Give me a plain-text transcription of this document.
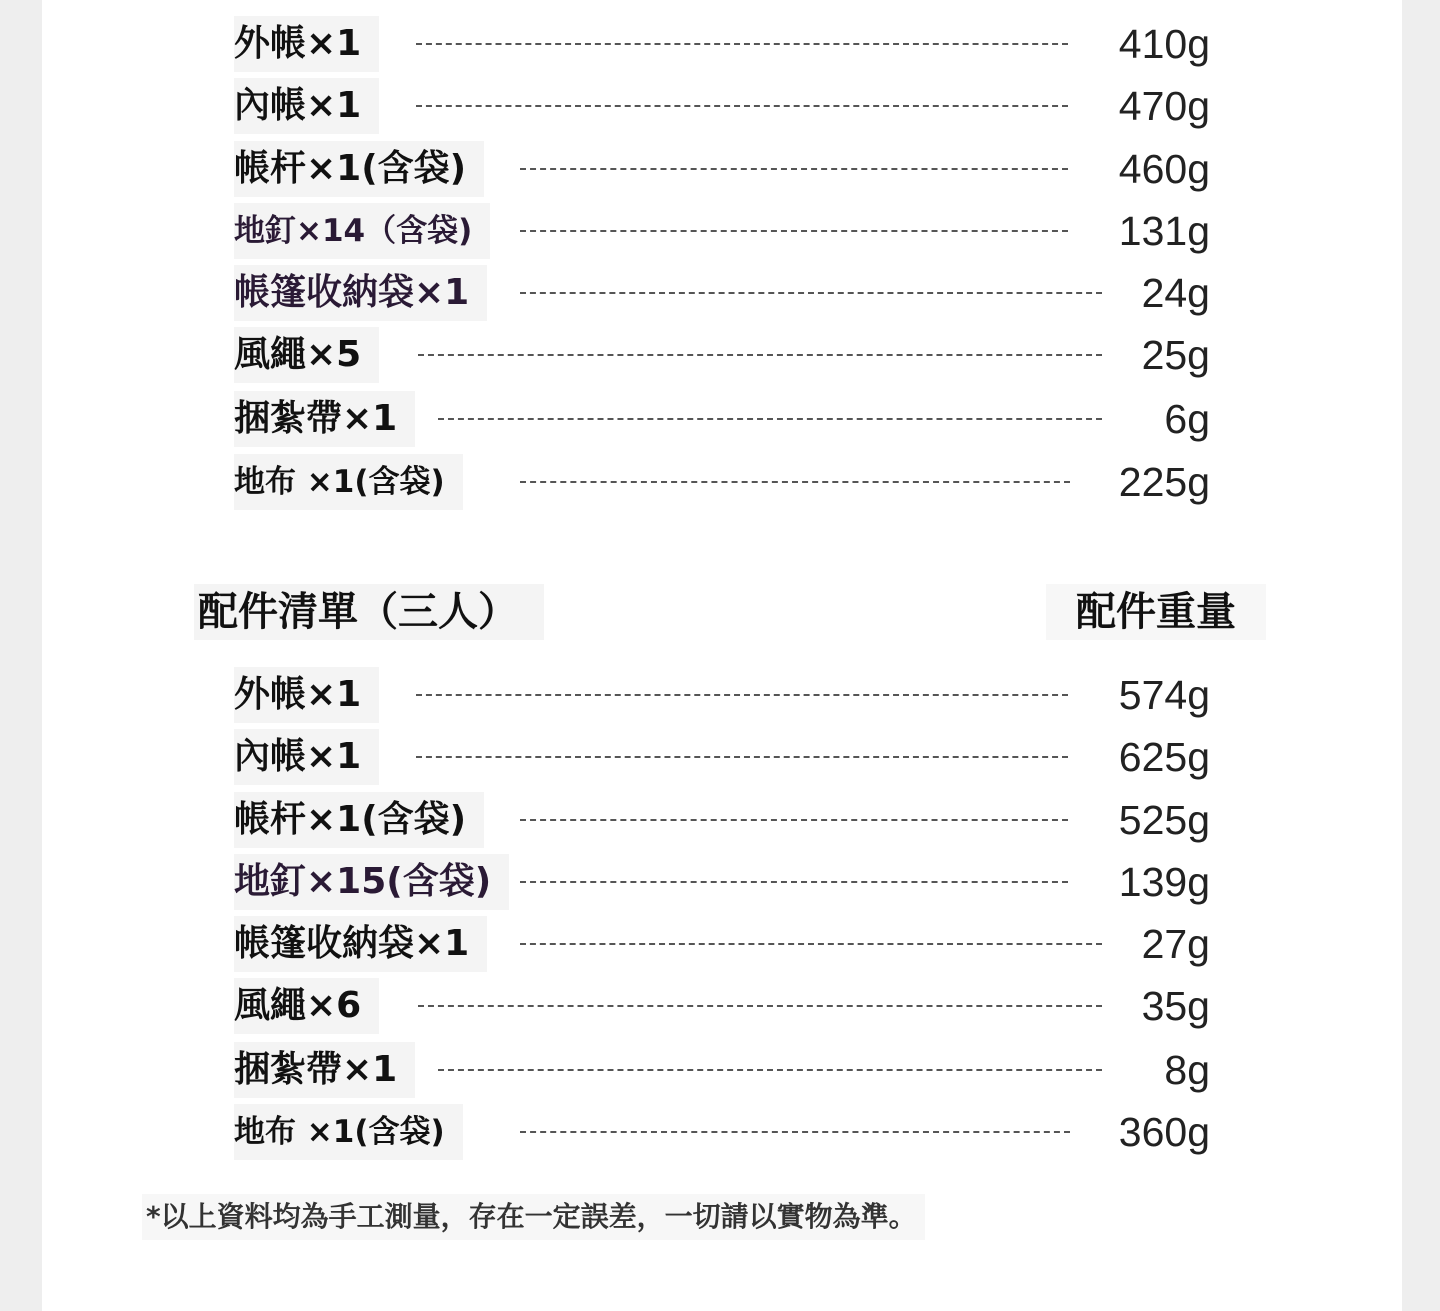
外帳×1	410g
內帳×1	470g
帳杆×1(含袋)	460g
地釘×14（含袋)	131g
帳篷收納袋×1	24g
風繩×5	25g
捆紮帶×1	6g
地布 ×1(含袋)	225g
配件清單（三人）	配件重量
外帳×1	574g
內帳×1	625g
帳杆×1(含袋)	525g
地釘×15(含袋)	139g
帳篷收納袋×1	27g
風繩×6	35g
捆紮帶×1	8g
地布 ×1(含袋)	360g
*以上資料均為手工測量，存在一定誤差，一切請以實物為準。
